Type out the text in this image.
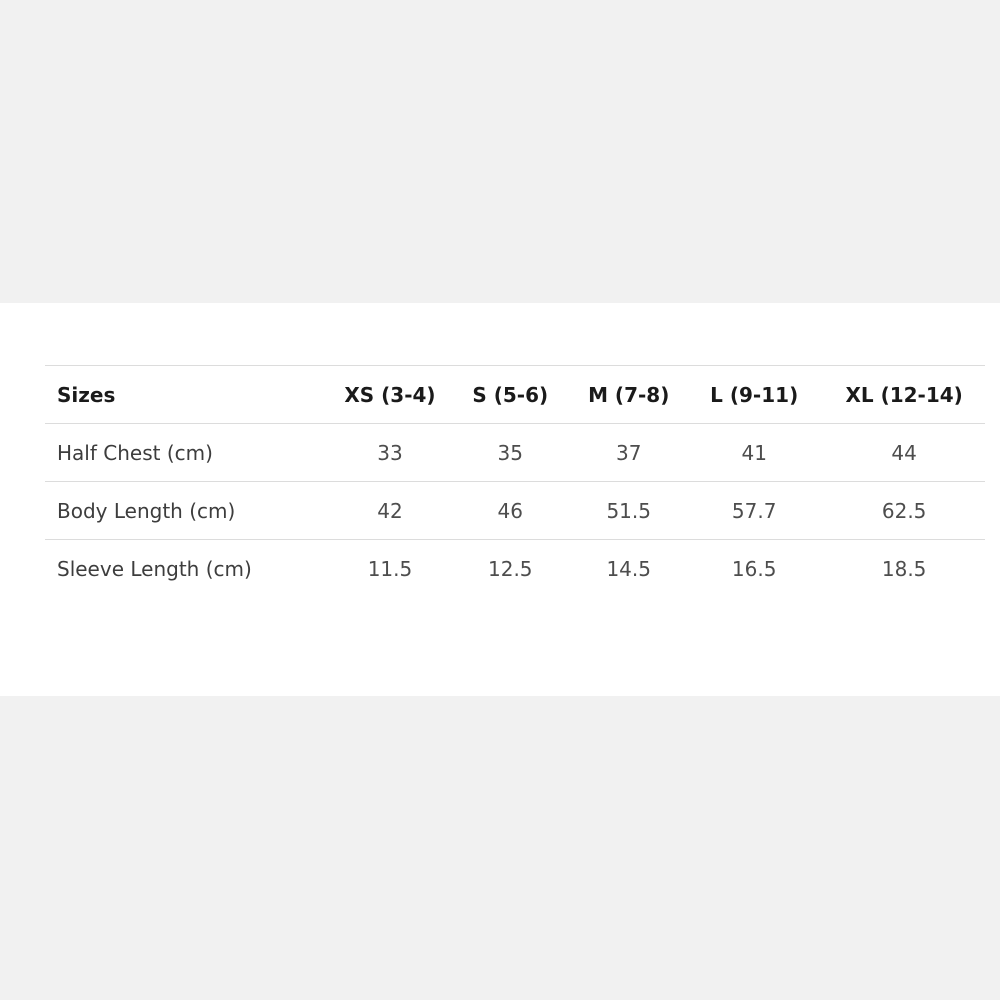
Sizes	XS (3-4)	S (5-6)	M (7-8)	L (9-11)	XL (12-14)
Half Chest (cm)	33	35	37	41	44
Body Length (cm)	42	46	51.5	57.7	62.5
Sleeve Length (cm)	11.5	12.5	14.5	16.5	18.5
